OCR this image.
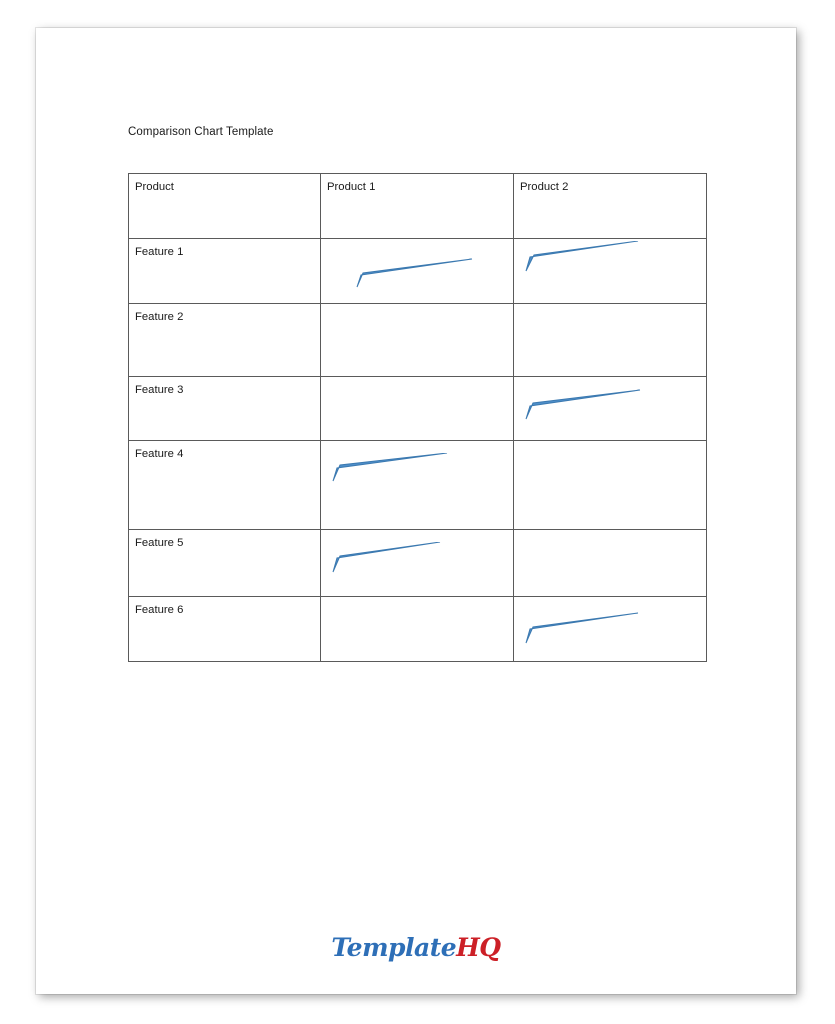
Comparison Chart Template
Product	Product 1	Product 2

Feature 1

Feature 2		

Feature 3

Feature 4

Feature 5

Feature 6

TemplateHQ
